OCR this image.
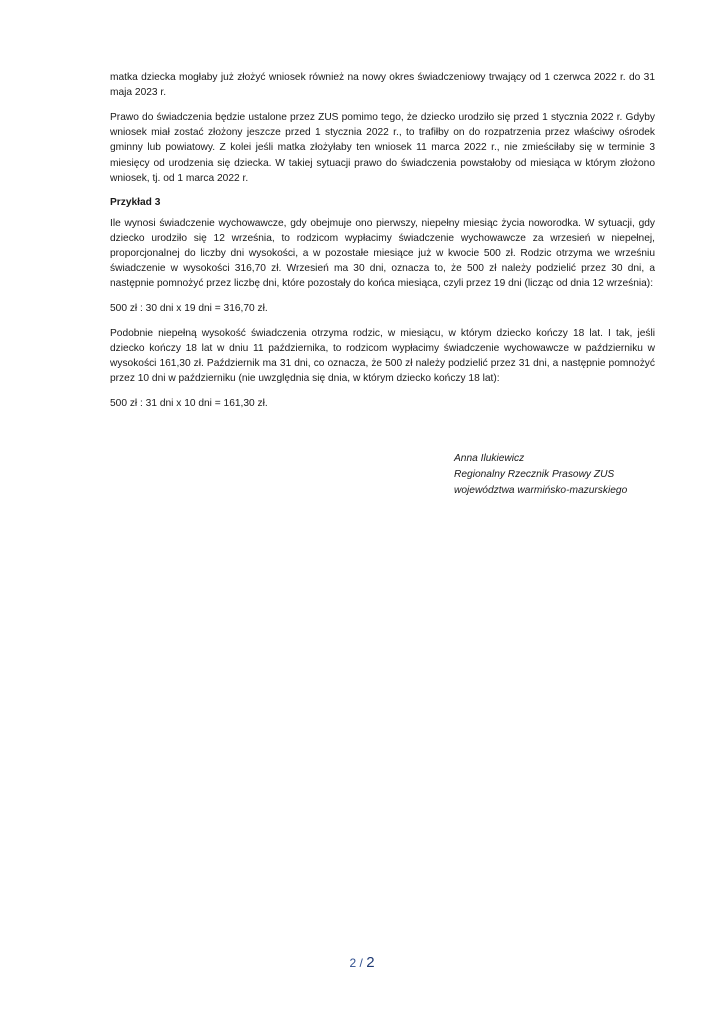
matka dziecka mogłaby już złożyć wniosek również na nowy okres świadczeniowy trwający od 1 czerwca 2022 r. do 31 maja 2023 r.

Prawo do świadczenia będzie ustalone przez ZUS pomimo tego, że dziecko urodziło się przed 1 stycznia 2022 r. Gdyby wniosek miał zostać złożony jeszcze przed 1 stycznia 2022 r., to trafiłby on do rozpatrzenia przez właściwy ośrodek gminny lub powiatowy. Z kolei jeśli matka złożyłaby ten wniosek 11 marca 2022 r., nie zmieściłaby się w terminie 3 miesięcy od urodzenia się dziecka. W takiej sytuacji prawo do świadczenia powstałoby od miesiąca w którym złożono wniosek, tj. od 1 marca 2022 r.

Przykład 3

Ile wynosi świadczenie wychowawcze, gdy obejmuje ono pierwszy, niepełny miesiąc życia noworodka. W sytuacji, gdy dziecko urodziło się 12 września, to rodzicom wypłacimy świadczenie wychowawcze za wrzesień w niepełnej, proporcjonalnej do liczby dni wysokości, a w pozostałe miesiące już w kwocie 500 zł. Rodzic otrzyma we wrześniu świadczenie w wysokości 316,70 zł. Wrzesień ma 30 dni, oznacza to, że 500 zł należy podzielić przez 30 dni, a następnie pomnożyć przez liczbę dni, które pozostały do końca miesiąca, czyli przez 19 dni (licząc od dnia 12 września):

500 zł : 30 dni x 19 dni = 316,70 zł.

Podobnie niepełną wysokość świadczenia otrzyma rodzic, w miesiącu, w którym dziecko kończy 18 lat. I tak, jeśli dziecko kończy 18 lat w dniu 11 października, to rodzicom wypłacimy świadczenie wychowawcze w październiku w wysokości 161,30 zł. Październik ma 31 dni, co oznacza, że 500 zł należy podzielić przez 31 dni, a następnie pomnożyć przez 10 dni w październiku (nie uwzględnia się dnia, w którym dziecko kończy 18 lat):

500 zł : 31 dni x 10 dni = 161,30 zł.

Anna Ilukiewicz
Regionalny Rzecznik Prasowy ZUS
województwa warmińsko-mazurskiego
2 / 2
